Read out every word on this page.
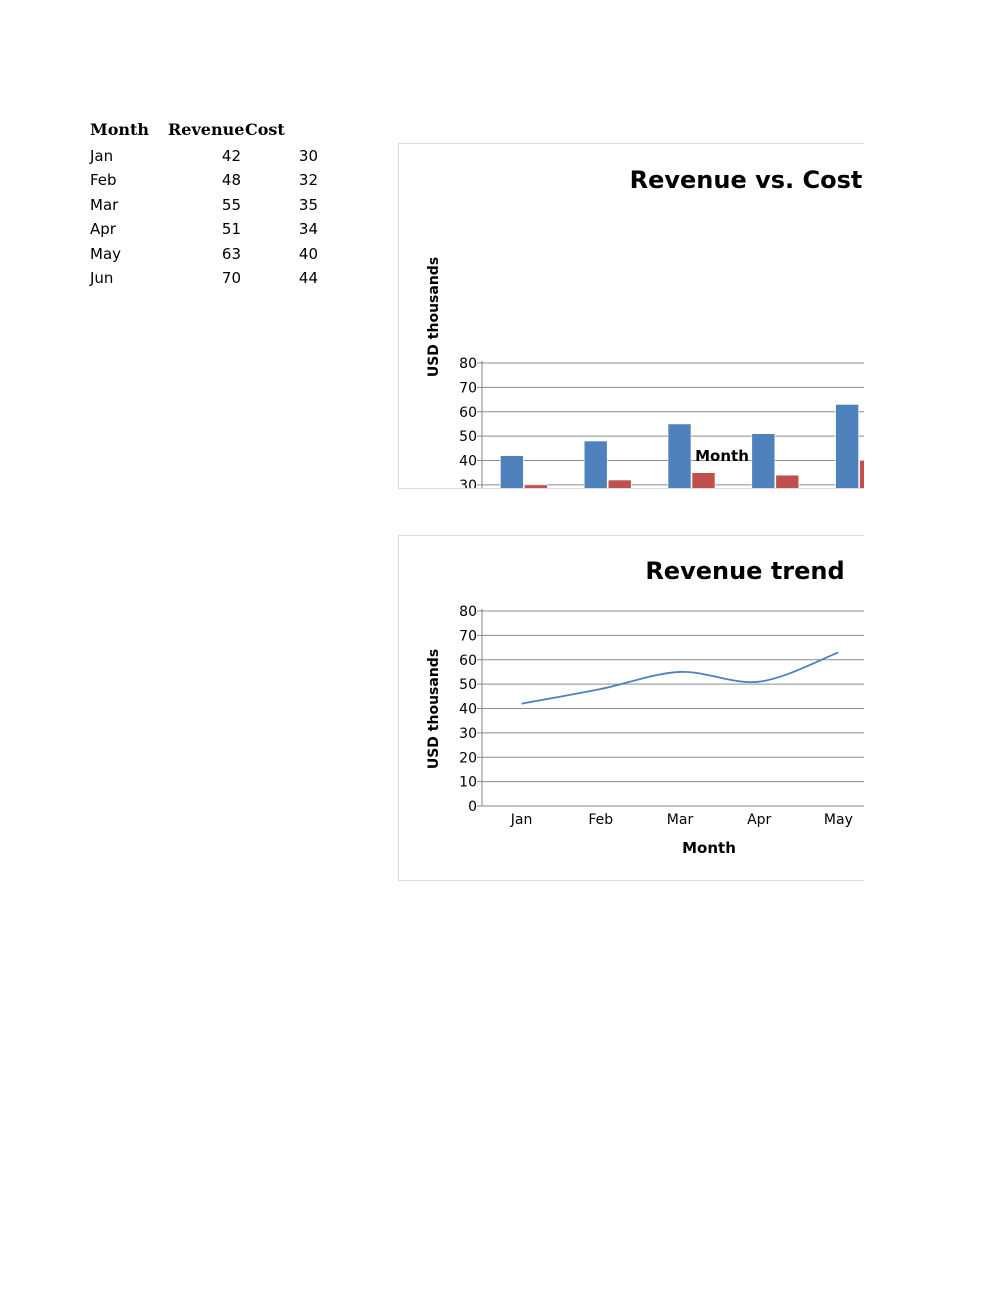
Month Revenue Cost
Jan	42	30
Feb	48	32
Mar	55	35
Apr	51	34
May	63	40
Jun	70	44
Revenue vs. Cost
30
40
50
60
70
80
USD thousands
Month
Revenue trend
0
10
20
30
40
50
60
70
80
Jan	Feb	Mar	Apr	May
USD thousands
Month
